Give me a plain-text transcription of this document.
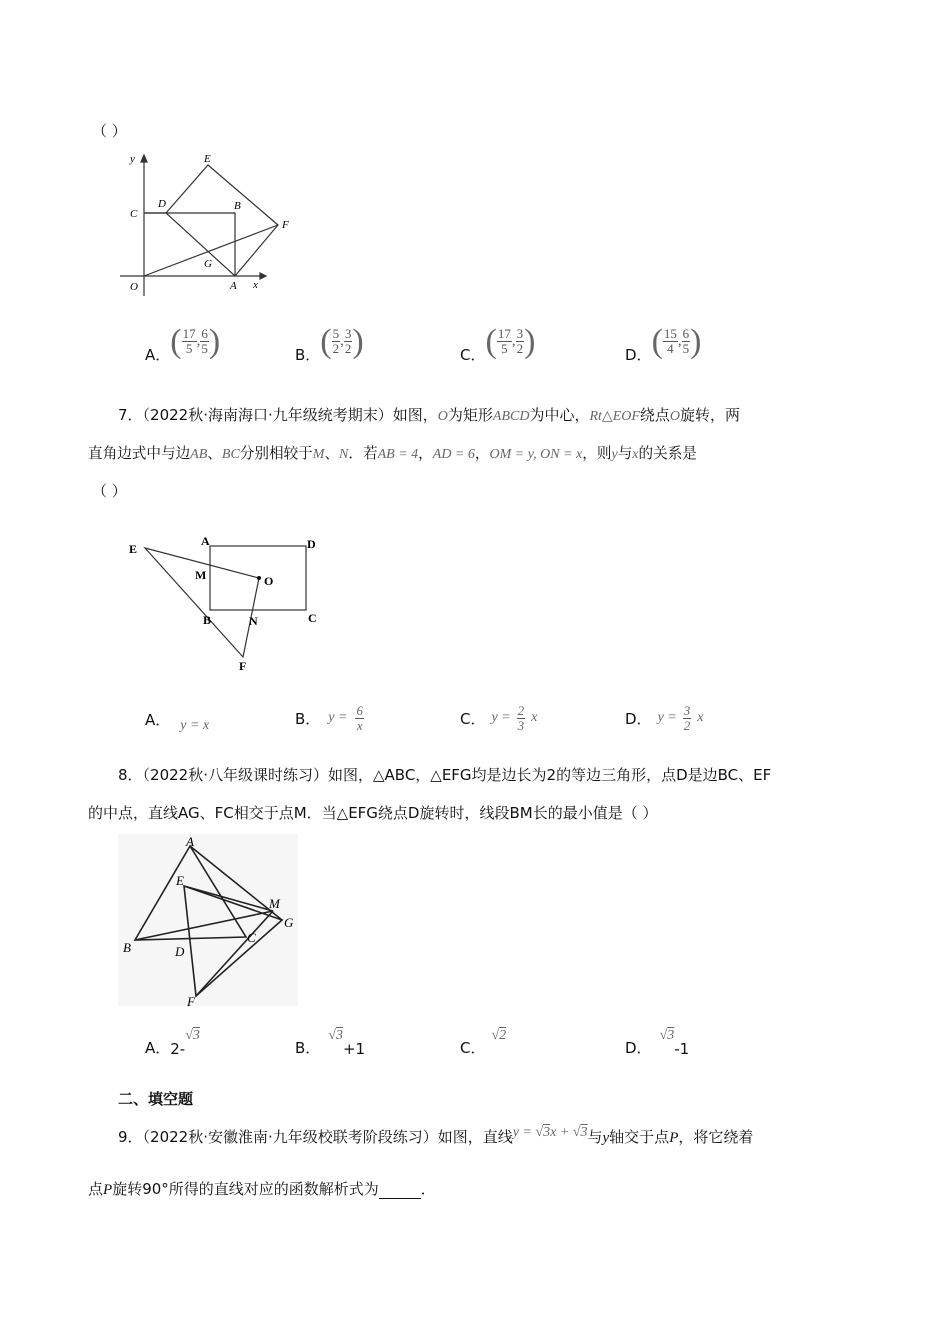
（ ）
y
x
O	A
B
C
D
E
F
G
A． ( $\frac{17}{5}$ , $\frac{6}{5}$ )	B． ( $\frac{5}{2}$ , $\frac{3}{2}$ )	C． ( $\frac{17}{5}$ , $\frac{3}{2}$ )	D． ( $\frac{15}{4}$ , $\frac{6}{5}$ )
7．（2022秋·海南海口·九年级统考期末）如图，O为矩形ABCD为中心，Rt△EOF绕点O旋转，两
直角边式中与边AB、BC分别相较于M、N．若AB = 4，AD = 6，OM = y, ON = x，则y与x的关系是
（ ）
E
A	D
M	O
B	N	C
F
A． y = x	B． $y = \frac{6}{x}$	C． $y = \frac{2}{3}$ x	D． $y = \frac{3}{2}$ x
8．（2022秋·八年级课时练习）如图，△ABC，△EFG均是边长为2的等边三角形，点D是边BC、EF
的中点，直线AG、FC相交于点M．当△EFG绕点D旋转时，线段BM长的最小值是（ ）
A
E
M
G
B	D
C
F
A． 2-
√3
B．
√3
+1	C．
√2
D．
√3
-1
二、填空题
9．（2022秋·安徽淮南·九年级校联考阶段练习）如图，直线y = √3x + √3与y轴交于点P，将它绕着
点P旋转90°所得的直线对应的函数解析式为	．
